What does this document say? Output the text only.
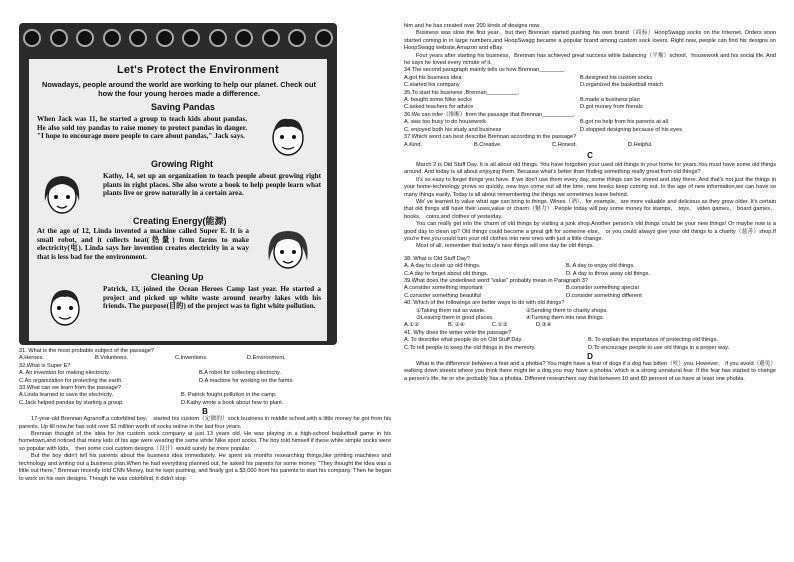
Let's Protect the Environment
Nowadays, people around the world are working to help our planet. Check out how the four young heroes made a difference.
Saving Pandas
When Jack was 11, he started a group to teach kids about pandas. He also sold toy pandas to raise money to protect pandas in danger. "I hope to encourage more people to care about pandas," Jack says.
Growing Right
Kathy, 14, set up an organization to teach people about growing right plants in right places. She also wrote a book to help people learn what plants live or grow naturally in a certain area.
Creating Energy(能源)
At the age of 12, Linda invented a machine called Super E. It is a small robot, and it collects heat(热量) from farms to make electricity(电). Linda says her invention creates electricity in a way that is less bad for the environment.
Cleaning Up
Patrick, 13, joined the Ocean Heroes Camp last year. He started a project and picked up white waste around nearby lakes with his friends. The purpose(目的) of the project was to fight white pollution.

31. What is the most probable subject of the passage?

A.Heroes.	B.Volunteers.	C.Inventions.	D.Environment.

32.What is Super E?

A. An invention for making electricity.	B.A robot for collecting electricity.
C.An organization for protecting the earth.	D.A machine for working on the farms.

33.What can we learn from the passage?

A.Linda learned to save the electricity.	B. Patrick fought pollution in the camp.
C.Jack helped pandas by starting a group.	D.Kathy wrote a book about how to plant.

B

17-year-old Brennan Agranoff,a colorblind boy， started his custom（定做的）sock business in middle school,with a little money he got from his parents. Up till now,he has sold over $1 million worth of socks online in the last four years.

Brennan thought of the idea for his custom sock company at just 13 years old. He was playing in a high-school basketball game in his hometown,and noticed that many kids of his age were wearing the same white Nike sport socks. The boy told himself if these white simple socks were so popular with kids， then some cool custom designs（设计）would surely be more popular.

But the boy didn't tell his parents about the business idea immediately. He spent six months researching things,like printing machines and technology and writing out a business plan.When he had everything planned out, he asked his parents for some money. "They thought the idea was a little out there," Brennan recently told CNN Money, but he kept pushing, and finally got a $3,000 from his parents to start his company. Then he began to work on his own designs. Though he was colorblind, it didn't stop

him and he has created over 200 kinds of designs now.

Business was slow the first year，but then Brennan started pushing his own brand（商标）HoopSwagg socks on the Internet. Orders soon started coming in in large numbers,and HoopSwagg became a popular brand among custom sock lovers. Right now, people can find his designs on HoopSwagg website,Amazon and eBay.

Four years after starting his business，Brennan has achieved great success while balancing（平衡）school，housework and his social life. And he says he loved every minute of it.

34.The second paragraph mainly tells us how Brennan________.

A.got his business idea	B.designed his custom socks
C.started his company	D.organized the basketball match

35.To start his business ,Brennan__________.

A. bought some Nike socks	B.made a business plan
C.asked teachers for advice	D.got money from friends

36.We can infer（推断）from the passage that Brennan__________.

A. was too busy to do housework	B.got no help from his parents at all
C. enjoyed both his study and business	D.stopped designing because of his eyes

37.Which word can best describe Brennan according to the passage?

A.Kind.	B.Creative.	C.Honest.	D.Helpful.

C

March 2 is Old Stuff Day. It is all about old things. You have forgotten your used old things in your home for years.You must have some old things around. And today is all about enjoying them. Because what's better than finding something really great from old things?

It's so easy to forget things you have. If we don't use them every day, some things can be stored and stay there. And that's not just the things in your home-technology grows so quickly, new toys come out all the time, new books keep coming out. In the age of new information,we can have so many things easily. Today is all about remembering the things we sometimes leave behind.

We' ve learned to value what age can bring to things. Wines（酒），for example，are more valuable and delicious as they grow older. It's certain that old things still have their uses,value or charm（魅力）.People today will pay some money for stamps， toys， video games， board games，books， coins,and clothes of yesterday.

You can really get into the charm of old things by visiting a junk shop.Another person's old things could be your new things! Or maybe now is a good day to clean up? Old things could become a great gift for someone else， or you could always give your old things to a charity（慈善）shop.If you're free,you could turn your old clothes into new ones with just a little change.

Most of all, remember that today's new things will one day be old things.

38. What is Old Stuff Day?

A. A day to clean up old things.	B. A day to enjoy old things.
C.A day to forget about old things.	D. A day to throw away old things.

39.What does the underlined word "value" probably mean in Paragraph 3?

A.consider something important	B.consider something special
C.consider something beautiful	D.consider something different

40. Which of the followings are better ways to do with old things?

①Taking them out as waste.	②Sending them to charity shops.
③Leaving them in good places.	④Turning them into new things.
A.①②	B. ②④	C.①③	D.③④

41. Why does the writer write the passage?

A. To describe what people do on Old Stuff Day.	B. To explain the importance of protecting old things.
C.To tell people to keep the old things in the memory.	D.To encourage people to use old things in a proper way.

D

What is the difference between a fear and a phobia? You might have a fear of dogs if a dog has bitten（咬）you. However， if you avoid（避免） walking down streets where you think there might be a dog,you may have a phobia, which is a strong unnatural fear. If the fear has started to change a person's life, he or she probably has a phobia. Different researchers say that between 10 and 80 percent of us have at least one phobia.
